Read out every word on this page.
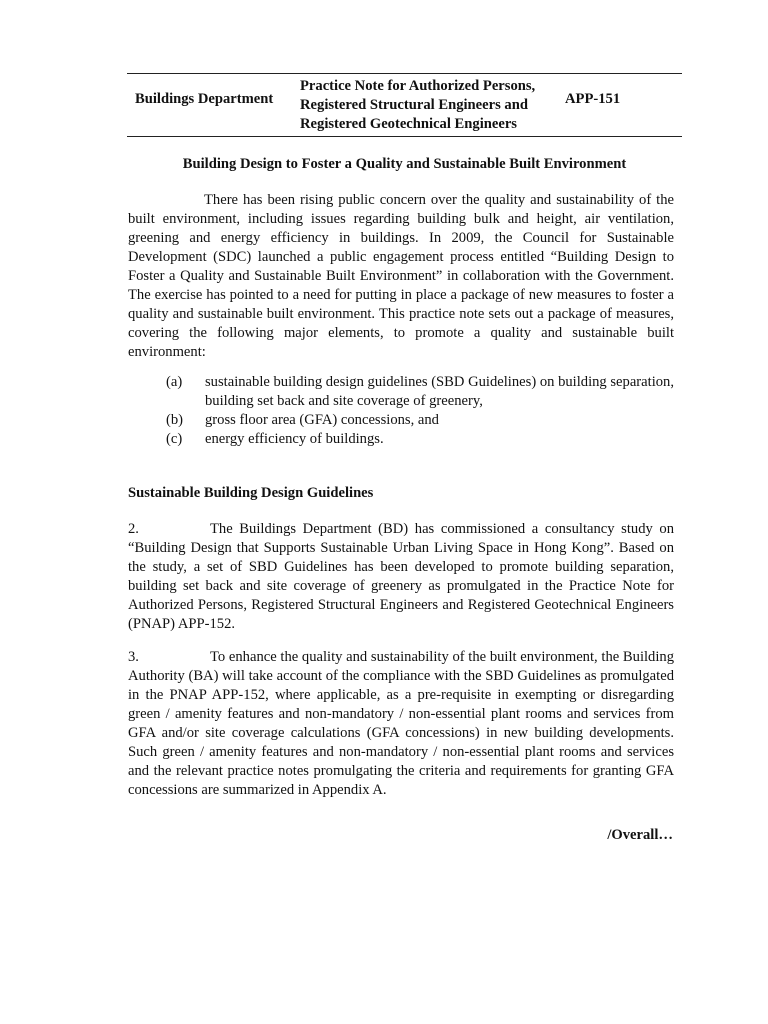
Buildings Department
Practice Note for Authorized Persons,
Registered Structural Engineers and
Registered Geotechnical Engineers
APP-151
Building Design to Foster a Quality and Sustainable Built Environment
There has been rising public concern over the quality and sustainability of the built environment, including issues regarding building bulk and height, air ventilation, greening and energy efficiency in buildings. In 2009, the Council for Sustainable Development (SDC) launched a public engagement process entitled “Building Design to Foster a Quality and Sustainable Built Environment” in collaboration with the Government. The exercise has pointed to a need for putting in place a package of new measures to foster a quality and sustainable built environment. This practice note sets out a package of measures, covering the following major elements, to promote a quality and sustainable built environment:
(a)	sustainable building design guidelines (SBD Guidelines) on building separation, building set back and site coverage of greenery,
(b)	gross floor area (GFA) concessions, and
(c)	energy efficiency of buildings.
Sustainable Building Design Guidelines
2.	The Buildings Department (BD) has commissioned a consultancy study on “Building Design that Supports Sustainable Urban Living Space in Hong Kong”. Based on the study, a set of SBD Guidelines has been developed to promote building separation, building set back and site coverage of greenery as promulgated in the Practice Note for Authorized Persons, Registered Structural Engineers and Registered Geotechnical Engineers (PNAP) APP-152.
3.	To enhance the quality and sustainability of the built environment, the Building Authority (BA) will take account of the compliance with the SBD Guidelines as promulgated in the PNAP APP-152, where applicable, as a pre-requisite in exempting or disregarding green / amenity features and non-mandatory / non-essential plant rooms and services from GFA and/or site coverage calculations (GFA concessions) in new building developments. Such green / amenity features and non-mandatory / non-essential plant rooms and services and the relevant practice notes promulgating the criteria and requirements for granting GFA concessions are summarized in Appendix A.
/Overall…
